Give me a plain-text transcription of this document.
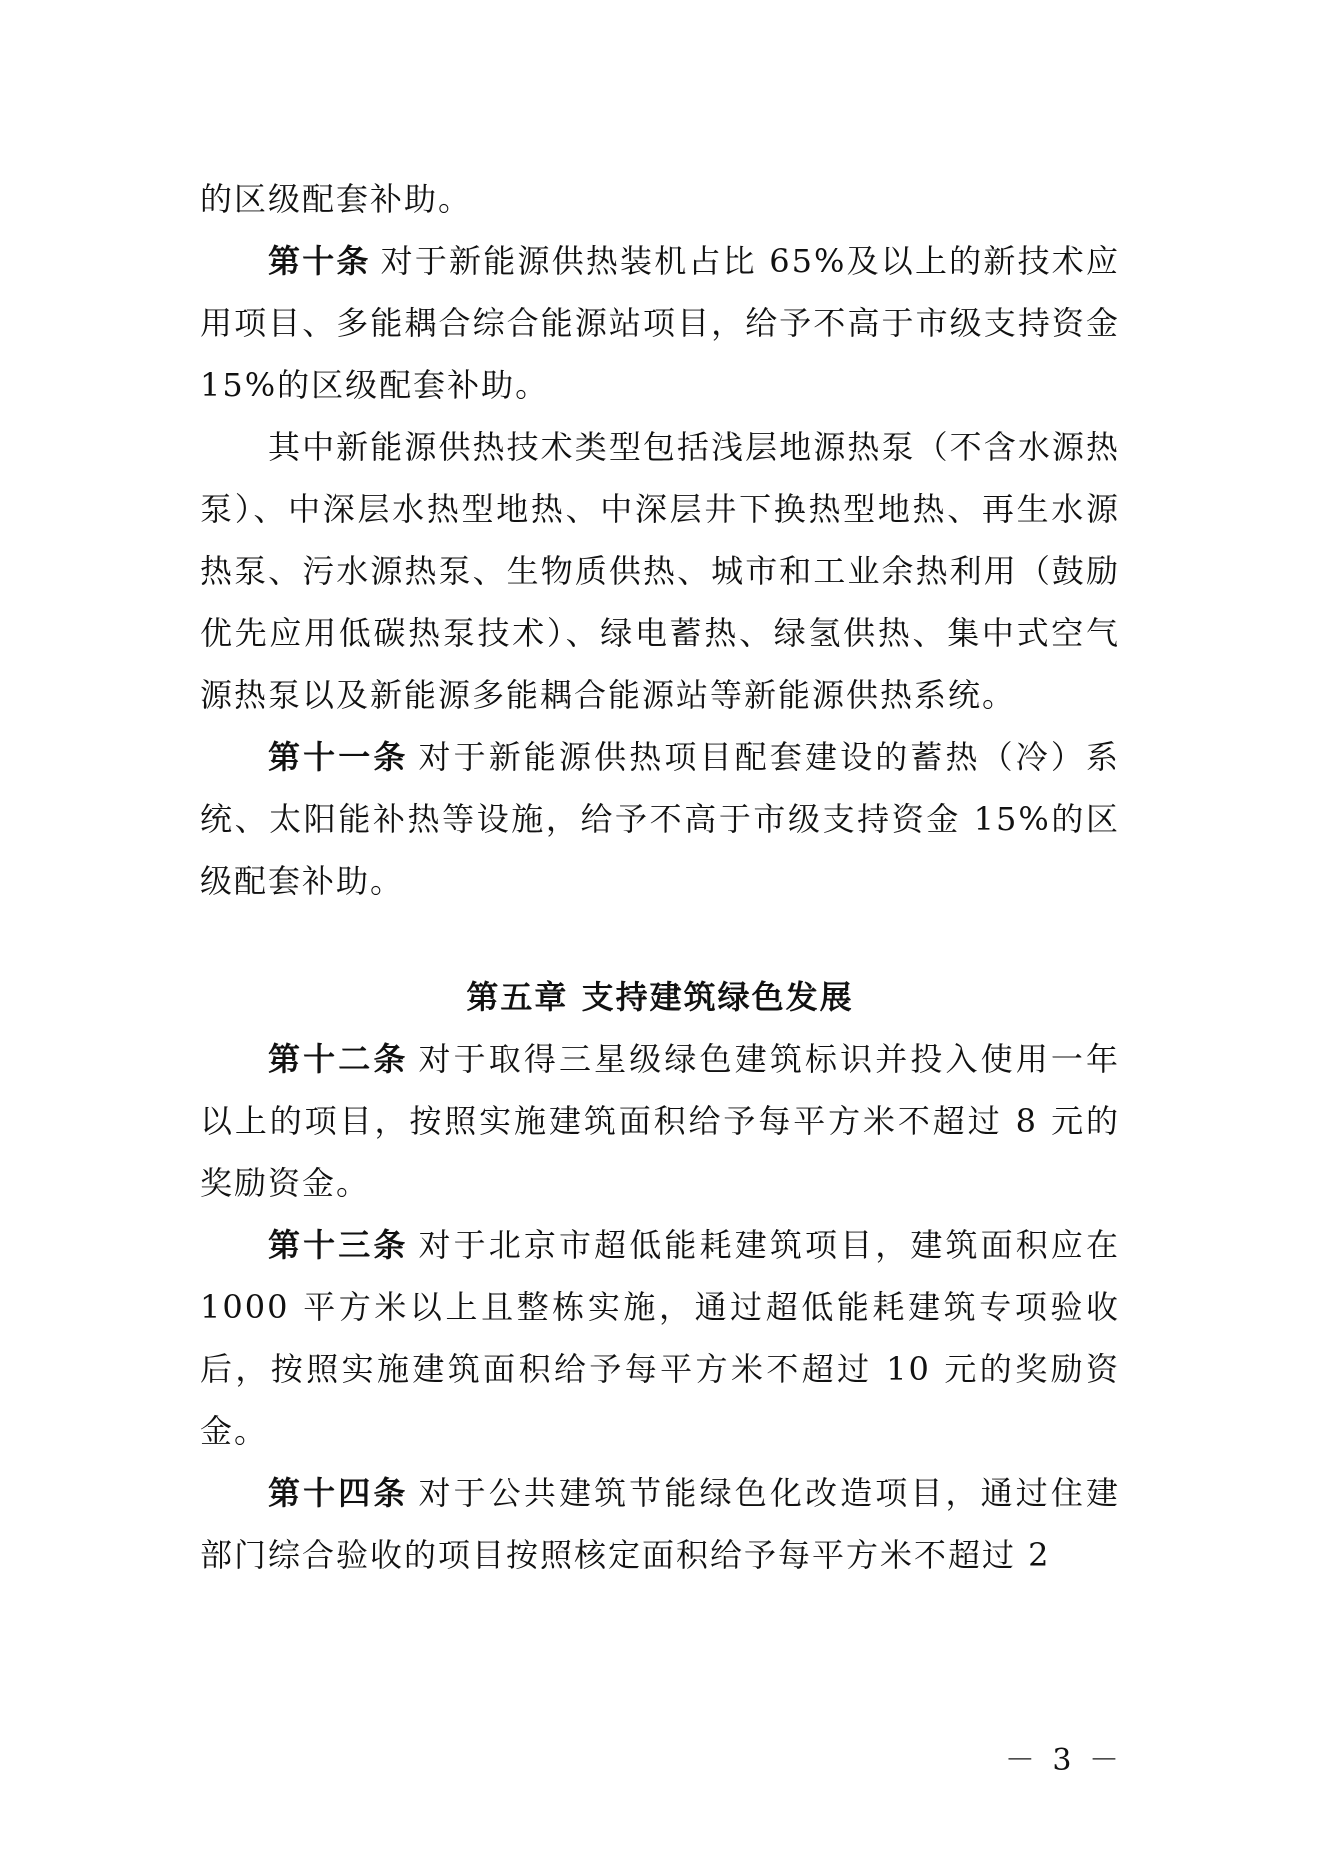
的区级配套补助。

第十条 对于新能源供热装机占比 65%及以上的新技术应用项目、多能耦合综合能源站项目，给予不高于市级支持资金 15%的区级配套补助。

其中新能源供热技术类型包括浅层地源热泵（不含水源热泵）、中深层水热型地热、中深层井下换热型地热、再生水源热泵、污水源热泵、生物质供热、城市和工业余热利用（鼓励优先应用低碳热泵技术）、绿电蓄热、绿氢供热、集中式空气源热泵以及新能源多能耦合能源站等新能源供热系统。

第十一条 对于新能源供热项目配套建设的蓄热（冷）系统、太阳能补热等设施，给予不高于市级支持资金 15%的区级配套补助。

第五章 支持建筑绿色发展

第十二条 对于取得三星级绿色建筑标识并投入使用一年以上的项目，按照实施建筑面积给予每平方米不超过 8 元的奖励资金。

第十三条 对于北京市超低能耗建筑项目，建筑面积应在 1000 平方米以上且整栋实施，通过超低能耗建筑专项验收后，按照实施建筑面积给予每平方米不超过 10 元的奖励资金。

第十四条 对于公共建筑节能绿色化改造项目，通过住建部门综合验收的项目按照核定面积给予每平方米不超过 2

－ 3 －
